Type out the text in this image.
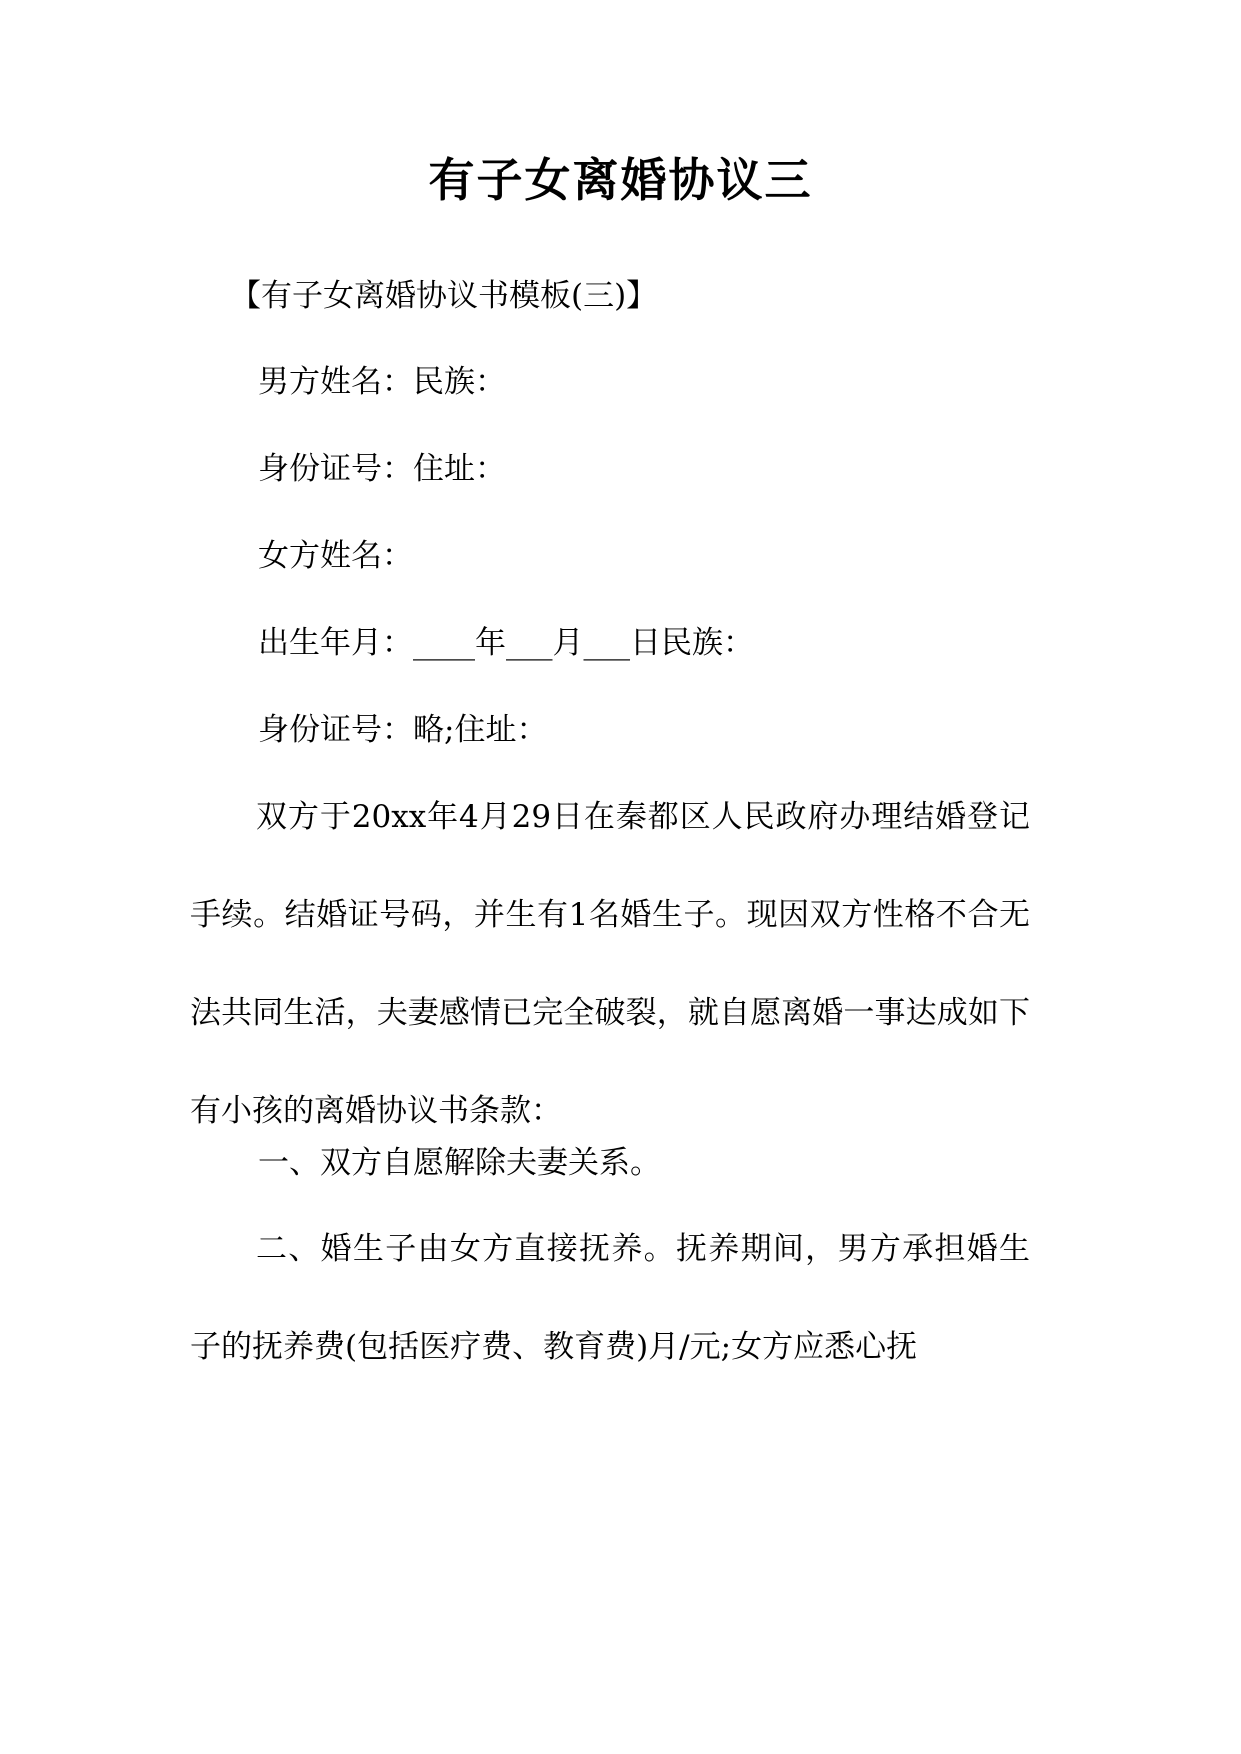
有子女离婚协议三
【有子女离婚协议书模板(三)】
男方姓名：民族：
身份证号：住址：
女方姓名：
出生年月：____年___月___日民族：
身份证号：略;住址：
双方于20xx年4月29日在秦都区人民政府办理结婚登记手续。结婚证号码，并生有1名婚生子。现因双方性格不合无法共同生活，夫妻感情已完全破裂，就自愿离婚一事达成如下有小孩的离婚协议书条款：
一、双方自愿解除夫妻关系。
二、婚生子由女方直接抚养。抚养期间，男方承担婚生子的抚养费(包括医疗费、教育费)月/元;女方应悉心抚
